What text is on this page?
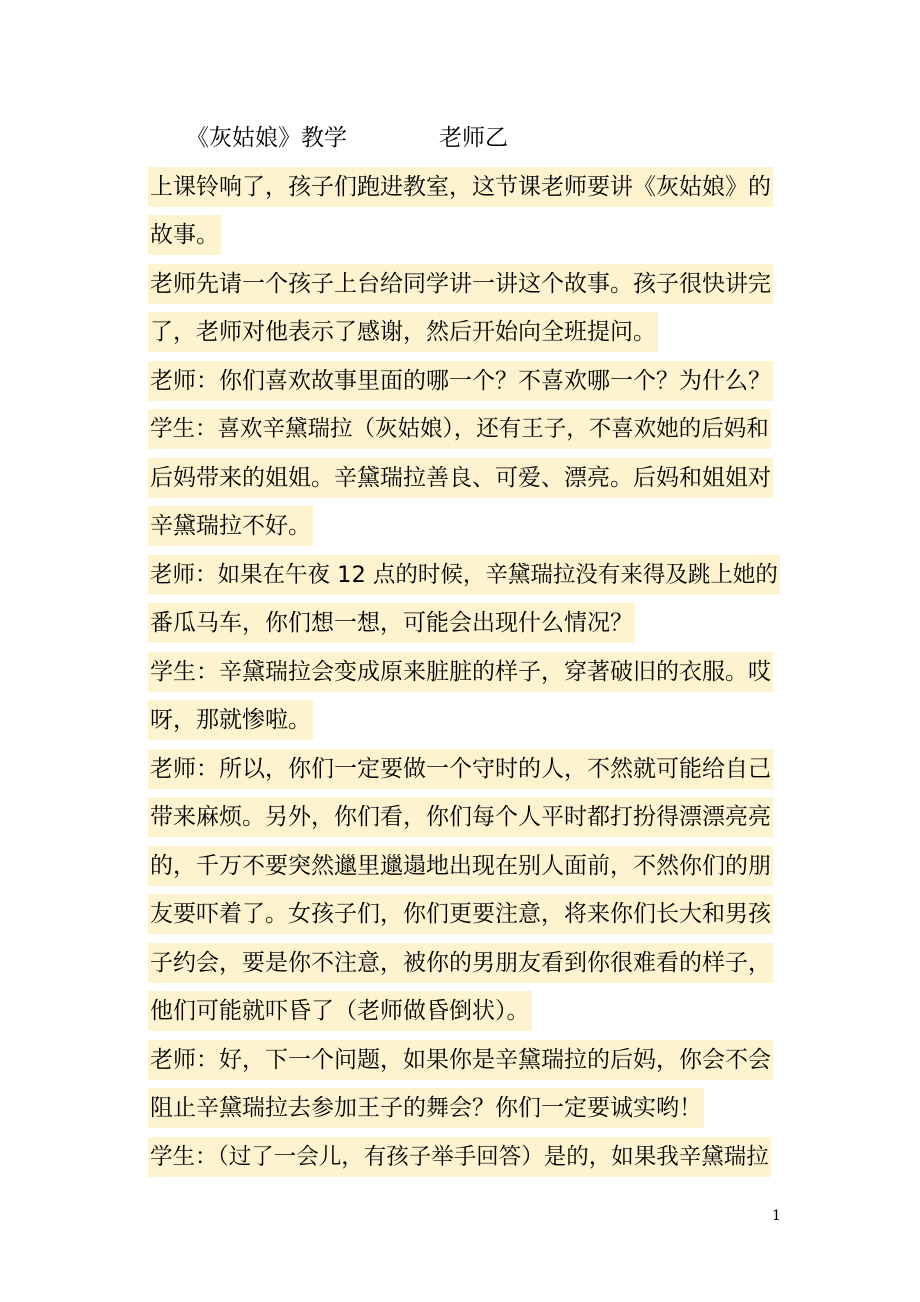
《灰姑娘》教学	老师乙
上课铃响了，孩子们跑进教室，这节课老师要讲《灰姑娘》的
故事。
老师先请一个孩子上台给同学讲一讲这个故事。孩子很快讲完
了，老师对他表示了感谢，然后开始向全班提问。
老师：你们喜欢故事里面的哪一个？不喜欢哪一个？为什么？
学生：喜欢辛黛瑞拉（灰姑娘），还有王子，不喜欢她的后妈和
后妈带来的姐姐。辛黛瑞拉善良、可爱、漂亮。后妈和姐姐对
辛黛瑞拉不好。
老师：如果在午夜 12 点的时候，辛黛瑞拉没有来得及跳上她的
番瓜马车，你们想一想，可能会出现什么情况？
学生：辛黛瑞拉会变成原来脏脏的样子，穿著破旧的衣服。哎
呀，那就惨啦。
老师：所以，你们一定要做一个守时的人，不然就可能给自己
带来麻烦。另外，你们看，你们每个人平时都打扮得漂漂亮亮
的，千万不要突然邋里邋遢地出现在别人面前，不然你们的朋
友要吓着了。女孩子们，你们更要注意，将来你们长大和男孩
子约会，要是你不注意，被你的男朋友看到你很难看的样子，
他们可能就吓昏了（老师做昏倒状）。
老师：好，下一个问题，如果你是辛黛瑞拉的后妈，你会不会
阻止辛黛瑞拉去参加王子的舞会？你们一定要诚实哟！
学生：（过了一会儿，有孩子举手回答）是的，如果我辛黛瑞拉
1
